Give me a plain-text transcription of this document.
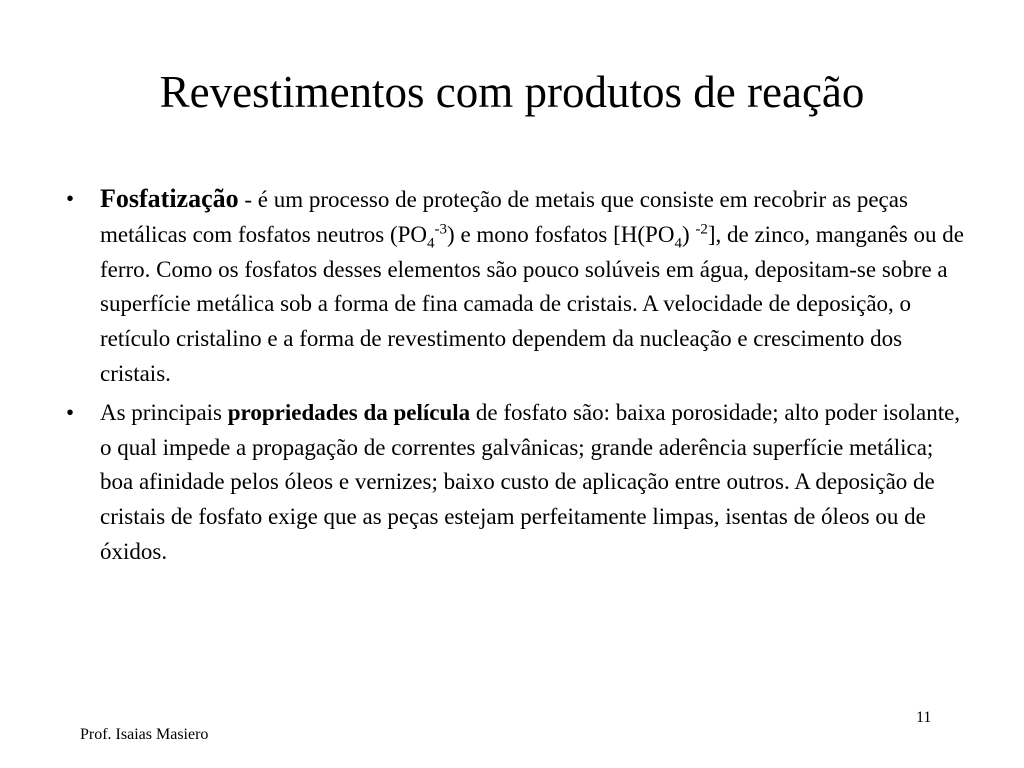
Revestimentos com produtos de reação
• Fosfatização - é um processo de proteção de metais que consiste em recobrir as peças metálicas com fosfatos neutros $(PO_4^{-3})$ e mono fosfatos [$H(PO_4)$ $^{-2}$], de zinco, manganês ou de ferro. Como os fosfatos desses elementos são pouco solúveis em água, depositam-se sobre a superfície metálica sob a forma de fina camada de cristais. A velocidade de deposição, o retículo cristalino e a forma de revestimento dependem da nucleação e crescimento dos cristais.
• As principais propriedades da película de fosfato são: baixa porosidade; alto poder isolante, o qual impede a propagação de correntes galvânicas; grande aderência superfície metálica; boa afinidade pelos óleos e vernizes; baixo custo de aplicação entre outros. A deposição de cristais de fosfato exige que as peças estejam perfeitamente limpas, isentas de óleos ou de óxidos.
Prof. Isaias Masiero
11
